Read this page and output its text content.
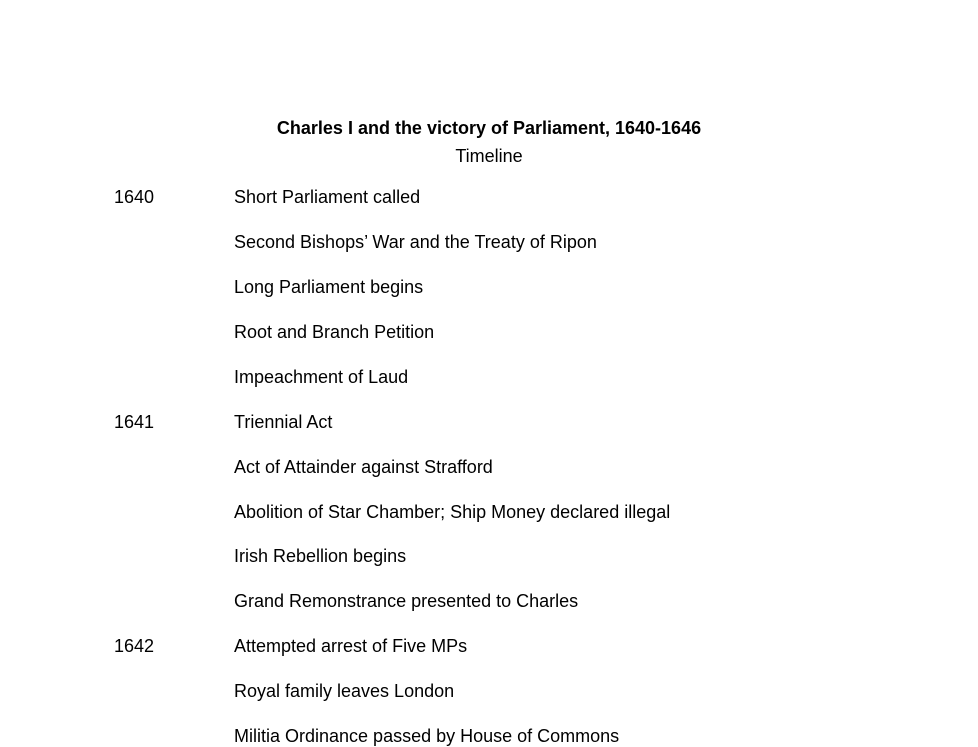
Charles I and the victory of Parliament, 1640-1646
Timeline
1640	Short Parliament called
Second Bishops’ War and the Treaty of Ripon
Long Parliament begins
Root and Branch Petition
Impeachment of Laud
1641	Triennial Act
Act of Attainder against Strafford
Abolition of Star Chamber; Ship Money declared illegal
Irish Rebellion begins
Grand Remonstrance presented to Charles
1642	Attempted arrest of Five MPs
Royal family leaves London
Militia Ordinance passed by House of Commons
